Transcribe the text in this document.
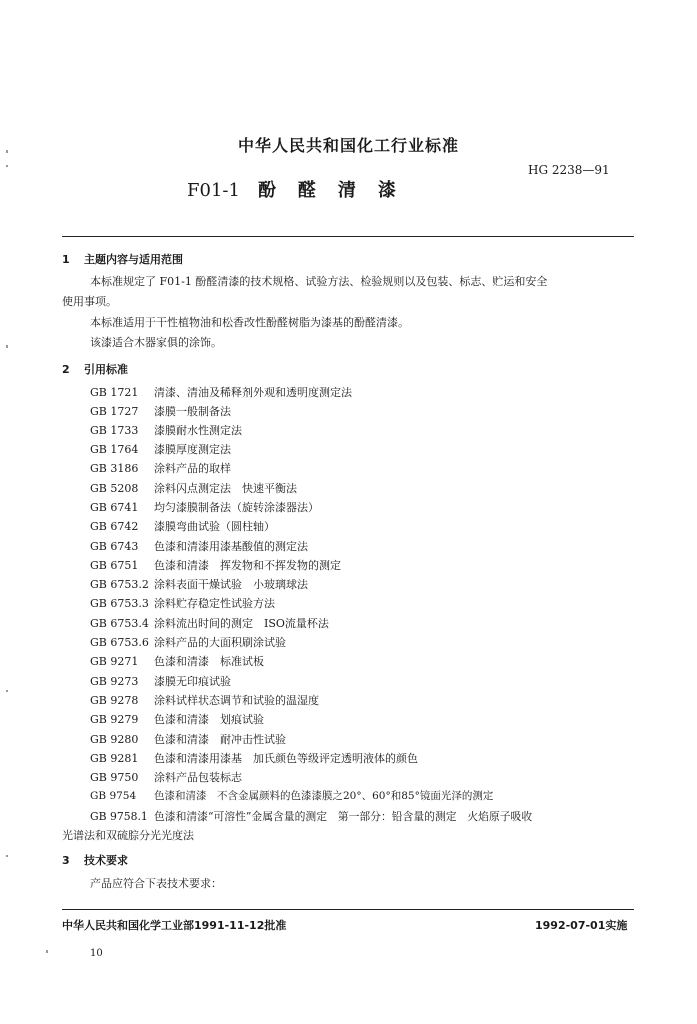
中华人民共和国化工行业标准
HG 2238—91
F01-1 酚醛清漆
1 主题内容与适用范围
本标准规定了 F01-1 酚醛清漆的技术规格、试验方法、检验规则以及包装、标志、贮运和安全
使用事项。
本标准适用于干性植物油和松香改性酚醛树脂为漆基的酚醛清漆。
该漆适合木器家俱的涂饰。
2 引用标准
GB 1721 清漆、清油及稀释剂外观和透明度测定法
GB 1727 漆膜一般制备法
GB 1733 漆膜耐水性测定法
GB 1764 漆膜厚度测定法
GB 3186 涂料产品的取样
GB 5208 涂料闪点测定法　快速平衡法
GB 6741 均匀漆膜制备法（旋转涂漆器法）
GB 6742 漆膜弯曲试验（圆柱轴）
GB 6743 色漆和清漆用漆基酸值的测定法
GB 6751 色漆和清漆　挥发物和不挥发物的测定
GB 6753.2 涂料表面干燥试验　小玻璃球法
GB 6753.3 涂料贮存稳定性试验方法
GB 6753.4 涂料流出时间的测定　ISO流量杯法
GB 6753.6 涂料产品的大面积刷涂试验
GB 9271 色漆和清漆　标准试板
GB 9273 漆膜无印痕试验
GB 9278 涂料试样状态调节和试验的温湿度
GB 9279 色漆和清漆　划痕试验
GB 9280 色漆和清漆　耐冲击性试验
GB 9281 色漆和清漆用漆基　加氏颜色等级评定透明液体的颜色
GB 9750 涂料产品包装标志
GB 9754 色漆和清漆　不含金属颜料的色漆漆膜之20°、60°和85°镜面光泽的测定
GB 9758.1 色漆和清漆“可溶性”金属含量的测定　第一部分：铅含量的测定　火焰原子吸收
光谱法和双硫腙分光光度法
3 技术要求
产品应符合下表技术要求：
中华人民共和国化学工业部1991-11-12批准	1992-07-01实施
10
